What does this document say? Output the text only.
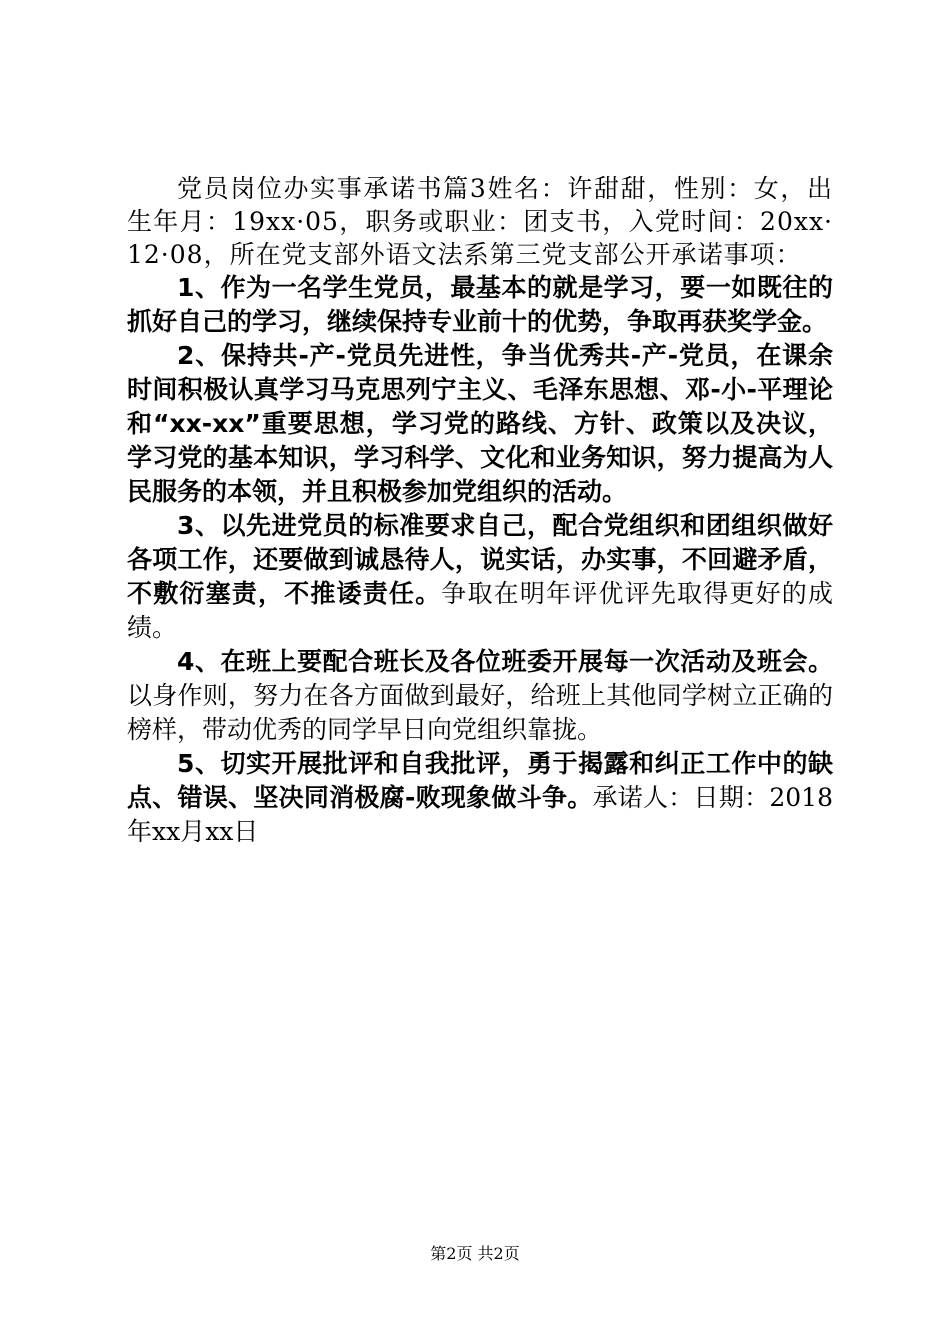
党员岗位办实事承诺书篇3姓名：许甜甜，性别：女，出生年月：19xx·05，职务或职业：团支书，入党时间：20xx·12·08，所在党支部外语文法系第三党支部公开承诺事项：

1、作为一名学生党员，最基本的就是学习，要一如既往的抓好自己的学习，继续保持专业前十的优势，争取再获奖学金。

2、保持共-产-党员先进性，争当优秀共-产-党员，在课余时间积极认真学习马克思列宁主义、毛泽东思想、邓-小-平理论和“xx-xx”重要思想，学习党的路线、方针、政策以及决议，学习党的基本知识，学习科学、文化和业务知识，努力提高为人民服务的本领，并且积极参加党组织的活动。

3、以先进党员的标准要求自己，配合党组织和团组织做好各项工作，还要做到诚恳待人，说实话，办实事，不回避矛盾，不敷衍塞责，不推诿责任。争取在明年评优评先取得更好的成绩。

4、在班上要配合班长及各位班委开展每一次活动及班会。以身作则，努力在各方面做到最好，给班上其他同学树立正确的榜样，带动优秀的同学早日向党组织靠拢。

5、切实开展批评和自我批评，勇于揭露和纠正工作中的缺点、错误、坚决同消极腐-败现象做斗争。承诺人：日期：2018年xx月xx日

第2页 共2页
